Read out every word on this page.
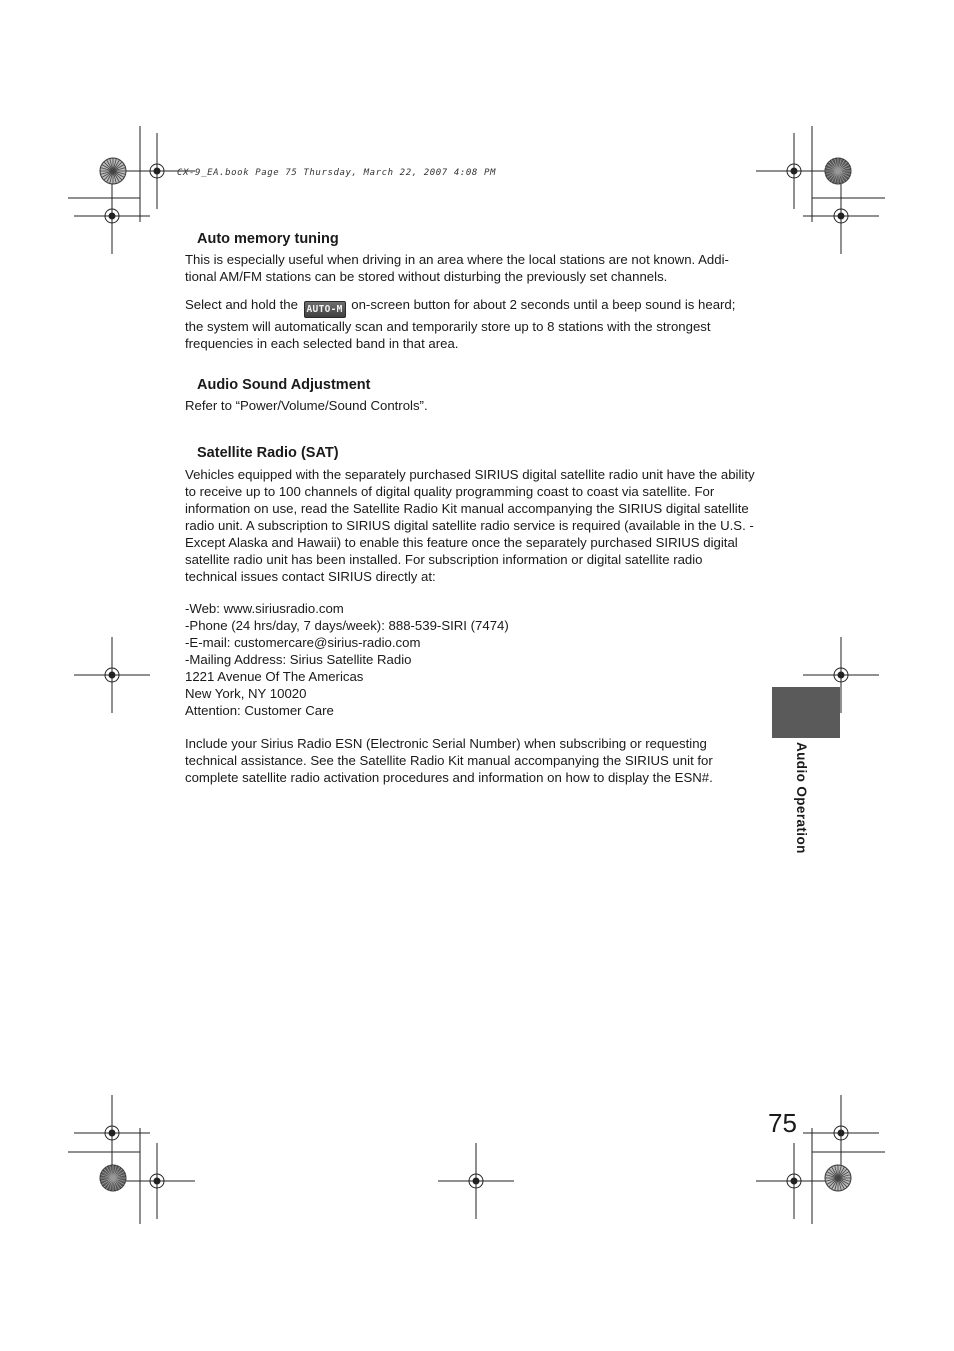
CX-9_EA.book Page 75 Thursday, March 22, 2007 4:08 PM
Auto memory tuning

This is especially useful when driving in an area where the local stations are not known. Addi-tional AM/FM stations can be stored without disturbing the previously set channels.

Select and hold the AUTO-M on-screen button for about 2 seconds until a beep sound is heard; the system will automatically scan and temporarily store up to 8 stations with the strongest frequencies in each selected band in that area.

Audio Sound Adjustment

Refer to “Power/Volume/Sound Controls”.

Satellite Radio (SAT)

Vehicles equipped with the separately purchased SIRIUS digital satellite radio unit have the ability to receive up to 100 channels of digital quality programming coast to coast via satellite. For information on use, read the Satellite Radio Kit manual accompanying the SIRIUS digital satellite radio unit. A subscription to SIRIUS digital satellite radio service is required (available in the U.S. - Except Alaska and Hawaii) to enable this feature once the separately purchased SIRIUS digital satellite radio unit has been installed. For subscription information or digital satellite radio technical issues contact SIRIUS directly at:

-Web: www.siriusradio.com
-Phone (24 hrs/day, 7 days/week): 888-539-SIRI (7474)
-E-mail: customercare@sirius-radio.com
-Mailing Address: Sirius Satellite Radio
1221 Avenue Of The Americas
New York, NY 10020
Attention: Customer Care

Include your Sirius Radio ESN (Electronic Serial Number) when subscribing or requesting technical assistance. See the Satellite Radio Kit manual accompanying the SIRIUS unit for complete satellite radio activation procedures and information on how to display the ESN#.	Audio Operation
75
